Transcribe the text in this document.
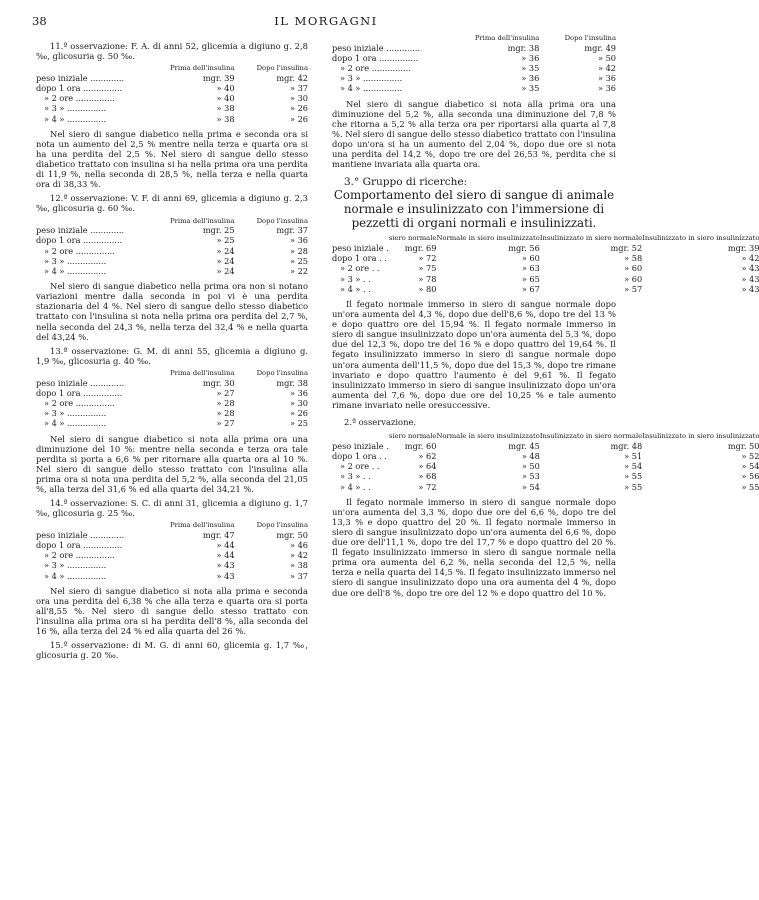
38	IL MORGAGNI

11.ª osservazione: F. A. di anni 52, glicemia a digiuno g. 2,8 ‰, glicosuria g. 50 ‰.

	Prima dell'insulina	Dopo l'insulina
peso iniziale .............	mgr. 39	mgr. 42
dopo 1 ora ...............	» 40	» 37
» 2 ore ...............	» 40	» 30
» 3 » ...............	» 38	» 26
» 4 » ...............	» 38	» 26

Nel siero di sangue diabetico nella prima e seconda ora si nota un aumento del 2,5 % mentre nella terza e quarta ora si ha una perdita del 2,5 %. Nel siero di sangue dello stesso diabetico trattato con insulina si ha nella prima ora una perdita di 11,9 %, nella seconda di 28,5 %, nella terza e nella quarta ora di 38,33 %.

12.ª osservazione: V. F. di anni 69, glicemia a digiuno g. 2,3 ‰, glicosuria g. 60 ‰.

	Prima dell'insulina	Dopo l'insulina
peso iniziale .............	mgr. 25	mgr. 37
dopo 1 ora ...............	» 25	» 36
» 2 ore ...............	» 24	» 28
» 3 » ...............	» 24	» 25
» 4 » ...............	» 24	» 22

Nel siero di sangue diabetico nella prima ora non si notano variazioni mentre dalla seconda in poi vi è una perdita stazionaria del 4 %. Nel siero di sangue dello stesso diabetico trattato con l'insulina si nota nella prima ora perdita del 2,7 %, nella seconda del 24,3 %, nella terza del 32,4 % e nella quarta del 43,24 %.

13.ª osservazione: G. M. di anni 55, glicemia a digiuno g. 1,9 ‰, glicosuria g. 40 ‰.

	Prima dell'insulina	Dopo l'insulina
peso iniziale .............	mgr. 30	mgr. 38
dopo 1 ora ...............	» 27	» 36
» 2 ore ...............	» 28	» 30
» 3 » ...............	» 28	» 26
» 4 » ...............	» 27	» 25

Nel siero di sangue diabetico si nota alla prima ora una diminuzione del 10 %: mentre nella seconda e terza ora tale perdita si porta a 6,6 % per ritornare alla quarta ora al 10 %. Nel siero di sangue dello stesso trattato con l'insulina alla prima ora si nota una perdita del 5,2 %, alla seconda del 21,05 %, alla terza del 31,6 % ed alla quarta del 34,21 %.

14.ª osservazione: S. C. di anni 31, glicemia a digiuno g. 1,7 ‰, glicosuria g. 25 ‰.

	Prima dell'insulina	Dopo l'insulina
peso iniziale .............	mgr. 47	mgr. 50
dopo 1 ora ...............	» 44	» 46
» 2 ore ...............	» 44	» 42
» 3 » ...............	» 43	» 38
» 4 » ...............	» 43	» 37

Nel siero di sangue diabetico si nota alla prima e seconda ora una perdita del 6,38 % che alla terza e quarta ora si porta all'8,55 %. Nel siero di sangue dello stesso trattato con l'insulina alla prima ora si ha perdita dell'8 %, alla seconda del 16 %, alla terza del 24 % ed alla quarta del 26 %.

15.ª osservazione: di M. G. di anni 60, glicemia g. 1,7 ‰, glicosuria g. 20 ‰.

	Prima dell'insulina	Dopo l'insulina
peso iniziale .............	mgr. 38	mgr. 49
dopo 1 ora ...............	» 36	» 50
» 2 ore ...............	» 35	» 42
» 3 » ...............	» 36	» 36
» 4 » ...............	» 35	» 36

Nel siero di sangue diabetico si nota alla prima ora una diminuzione del 5,2 %, alla seconda una diminuzione del 7,8 % che ritorna a 5,2 % alla terza ora per riportarsi alla quarta al 7,8 %. Nel siero di sangue dello stesso diabetico trattato con l'insulina dopo un'ora si ha un aumento del 2,04 %, dopo due ore si nota una perdita del 14,2 %, dopo tre ore del 26,53 %, perdita che si mantiene invariata alla quarta ora.

3.° Gruppo di ricerche:

Comportamento del siero di sangue di animale normale e insulinizzato con l'immersione di pezzetti di organi normali e insulinizzati.

	siero normale	Normale in siero insulinizzato	Insulinizzato in siero normale	Insulinizzato in siero insulinizzato
peso iniziale .	mgr. 69	mgr. 56	mgr. 52	mgr. 39
dopo 1 ora . .	» 72	» 60	» 58	» 42
» 2 ore . .	» 75	» 63	» 60	» 43
» 3 » . .	» 78	» 65	» 60	» 43
» 4 » . .	» 80	» 67	» 57	» 43

Il fegato normale immerso in siero di sangue normale dopo un'ora aumenta del 4,3 %, dopo due dell'8,6 %, dopo tre del 13 % e dopo quattro ore del 15,94 %. Il fegato normale immerso in siero di sangue insulinizzato dopo un'ora aumenta del 5,3 %, dopo due del 12,3 %, dopo tre del 16 % e dopo quattro del 19,64 %. Il fegato insulinizzato immerso in siero di sangue normale dopo un'ora aumenta dell'11,5 %, dopo due del 15,3 %, dopo tre rimane invariato e dopo quattro l'aumento è del 9,61 %. Il fegato insulinizzato immerso in siero di sangue insulinizzato dopo un'ora aumenta del 7,6 %, dopo due ore del 10,25 % e tale aumento rimane invariato nelle oresuccessive.

2.ª osservazione.
	siero normale	Normale in siero insulinizzato	Insulinizzato in siero normale	Insulinizzato in siero insulinizzato
peso iniziale .	mgr. 60	mgr. 45	mgr. 48	mgr. 50
dopo 1 ora . .	» 62	» 48	» 51	» 52
» 2 ore . .	» 64	» 50	» 54	» 54
» 3 » . .	» 68	» 53	» 55	» 56
» 4 » . .	» 72	» 54	» 55	» 55

Il fegato normale immerso in siero di sangue normale dopo un'ora aumenta del 3,3 %, dopo due ore del 6,6 %, dopo tre del 13,3 % e dopo quattro del 20 %. Il fegato normale immerso in siero di sangue insulinizzato dopo un'ora aumenta del 6,6 %, dopo due ore dell'11,1 %, dopo tre del 17,7 % e dopo quattro del 20 %. Il fegato insulinizzato immerso in siero di sangue normale nella prima ora aumenta del 6,2 %, nella seconda del 12,5 %, nella terza e nella quarta del 14,5 %. Il fegato insulinizzato immerso nel siero di sangue insulinizzato dopo una ora aumenta del 4 %, dopo due ore dell'8 %, dopo tre ore del 12 % e dopo quattro del 10 %.
